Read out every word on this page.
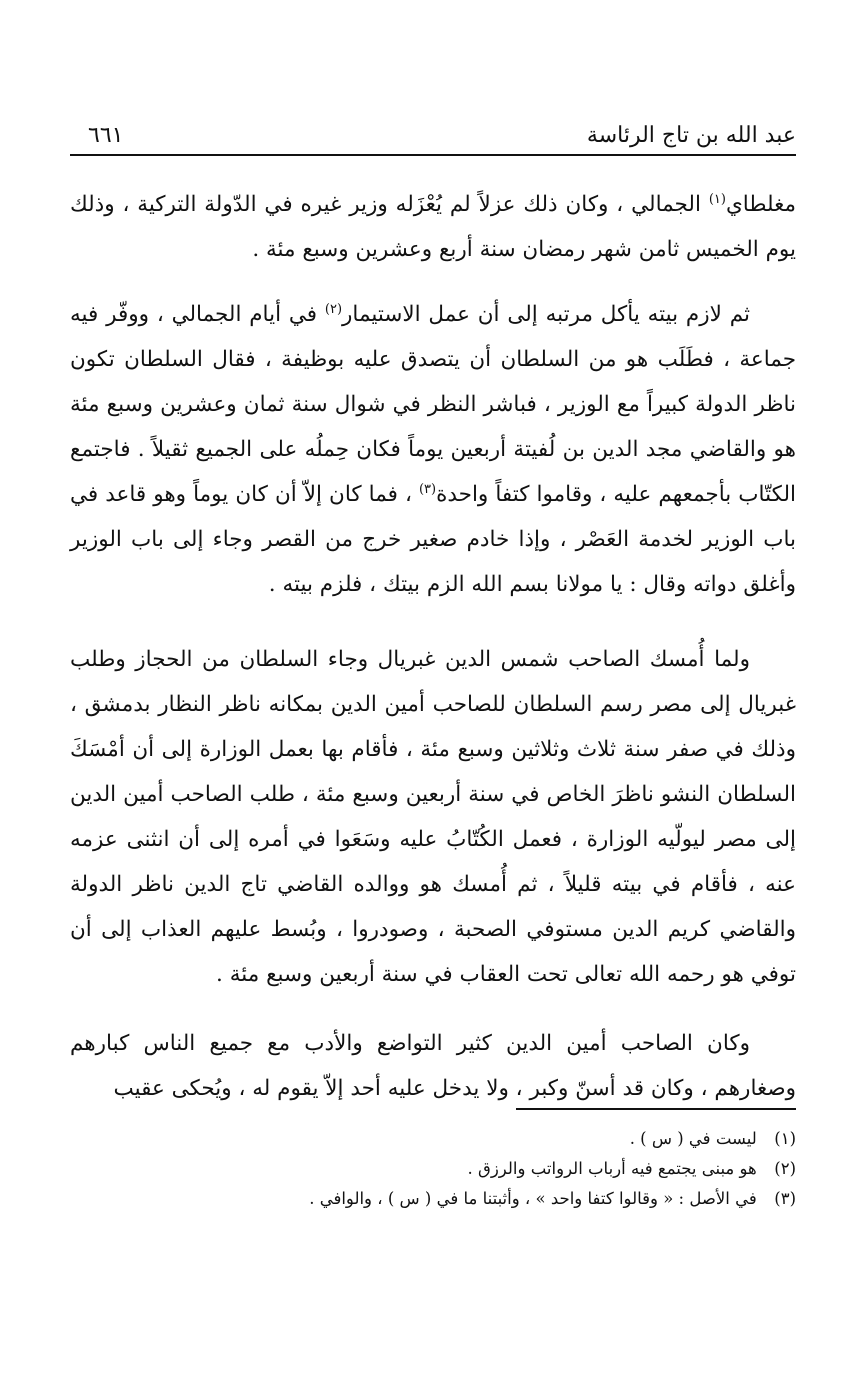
عبد الله بن تاج الرئاسة
٦٦١

مغلطاي$^{(١)}$ الجمالي ، وكان ذلك عزلاً لم يُعْزَله وزير غيره في الدّولة التركية ، وذلك يوم الخميس ثامن شهر رمضان سنة أربع وعشرين وسبع مئة .

ثم لازم بيته يأكل مرتبه إلى أن عمل الاستيمار$^{(٢)}$ في أيام الجمالي ، ووفّر فيه جماعة ، فطَلَب هو من السلطان أن يتصدق عليه بوظيفة ، فقال السلطان تكون ناظر الدولة كبيراً مع الوزير ، فباشر النظر في شوال سنة ثمان وعشرين وسبع مئة هو والقاضي مجد الدين بن لُفيتة أربعين يوماً فكان حِملُه على الجميع ثقيلاً . فاجتمع الكتّاب بأجمعهم عليه ، وقاموا كتفاً واحدة$^{(٣)}$ ، فما كان إلاّ أن كان يوماً وهو قاعد في باب الوزير لخدمة العَصْر ، وإذا خادم صغير خرج من القصر وجاء إلى باب الوزير وأغلق دواته وقال : يا مولانا بسم الله الزم بيتك ، فلزم بيته .

ولما أُمسك الصاحب شمس الدين غبريال وجاء السلطان من الحجاز وطلب غبريال إلى مصر رسم السلطان للصاحب أمين الدين بمكانه ناظر النظار بدمشق ، وذلك في صفر سنة ثلاث وثلاثين وسبع مئة ، فأقام بها بعمل الوزارة إلى أن أمْسَكَ السلطان النشو ناظرَ الخاص في سنة أربعين وسبع مئة ، طلب الصاحب أمين الدين إلى مصر ليولّيه الوزارة ، فعمل الكُتّابُ عليه وسَعَوا في أمره إلى أن انثنى عزمه عنه ، فأقام في بيته قليلاً ، ثم أُمسك هو ووالده القاضي تاج الدين ناظر الدولة والقاضي كريم الدين مستوفي الصحبة ، وصودروا ، وبُسط عليهم العذاب إلى أن توفي هو رحمه الله تعالى تحت العقاب في سنة أربعين وسبع مئة .

وكان الصاحب أمين الدين كثير التواضع والأدب مع جميع الناس كبارهم وصغارهم ، وكان قد أسنّ وكبر ، ولا يدخل عليه أحد إلاّ يقوم له ، ويُحكى عقيب

(١) ليست في ( س ) .

(٢) هو مبنى يجتمع فيه أرباب الرواتب والرزق .

(٣) في الأصل : « وقالوا كتفا واحد » ، وأثبتنا ما في ( س ) ، والوافي .
